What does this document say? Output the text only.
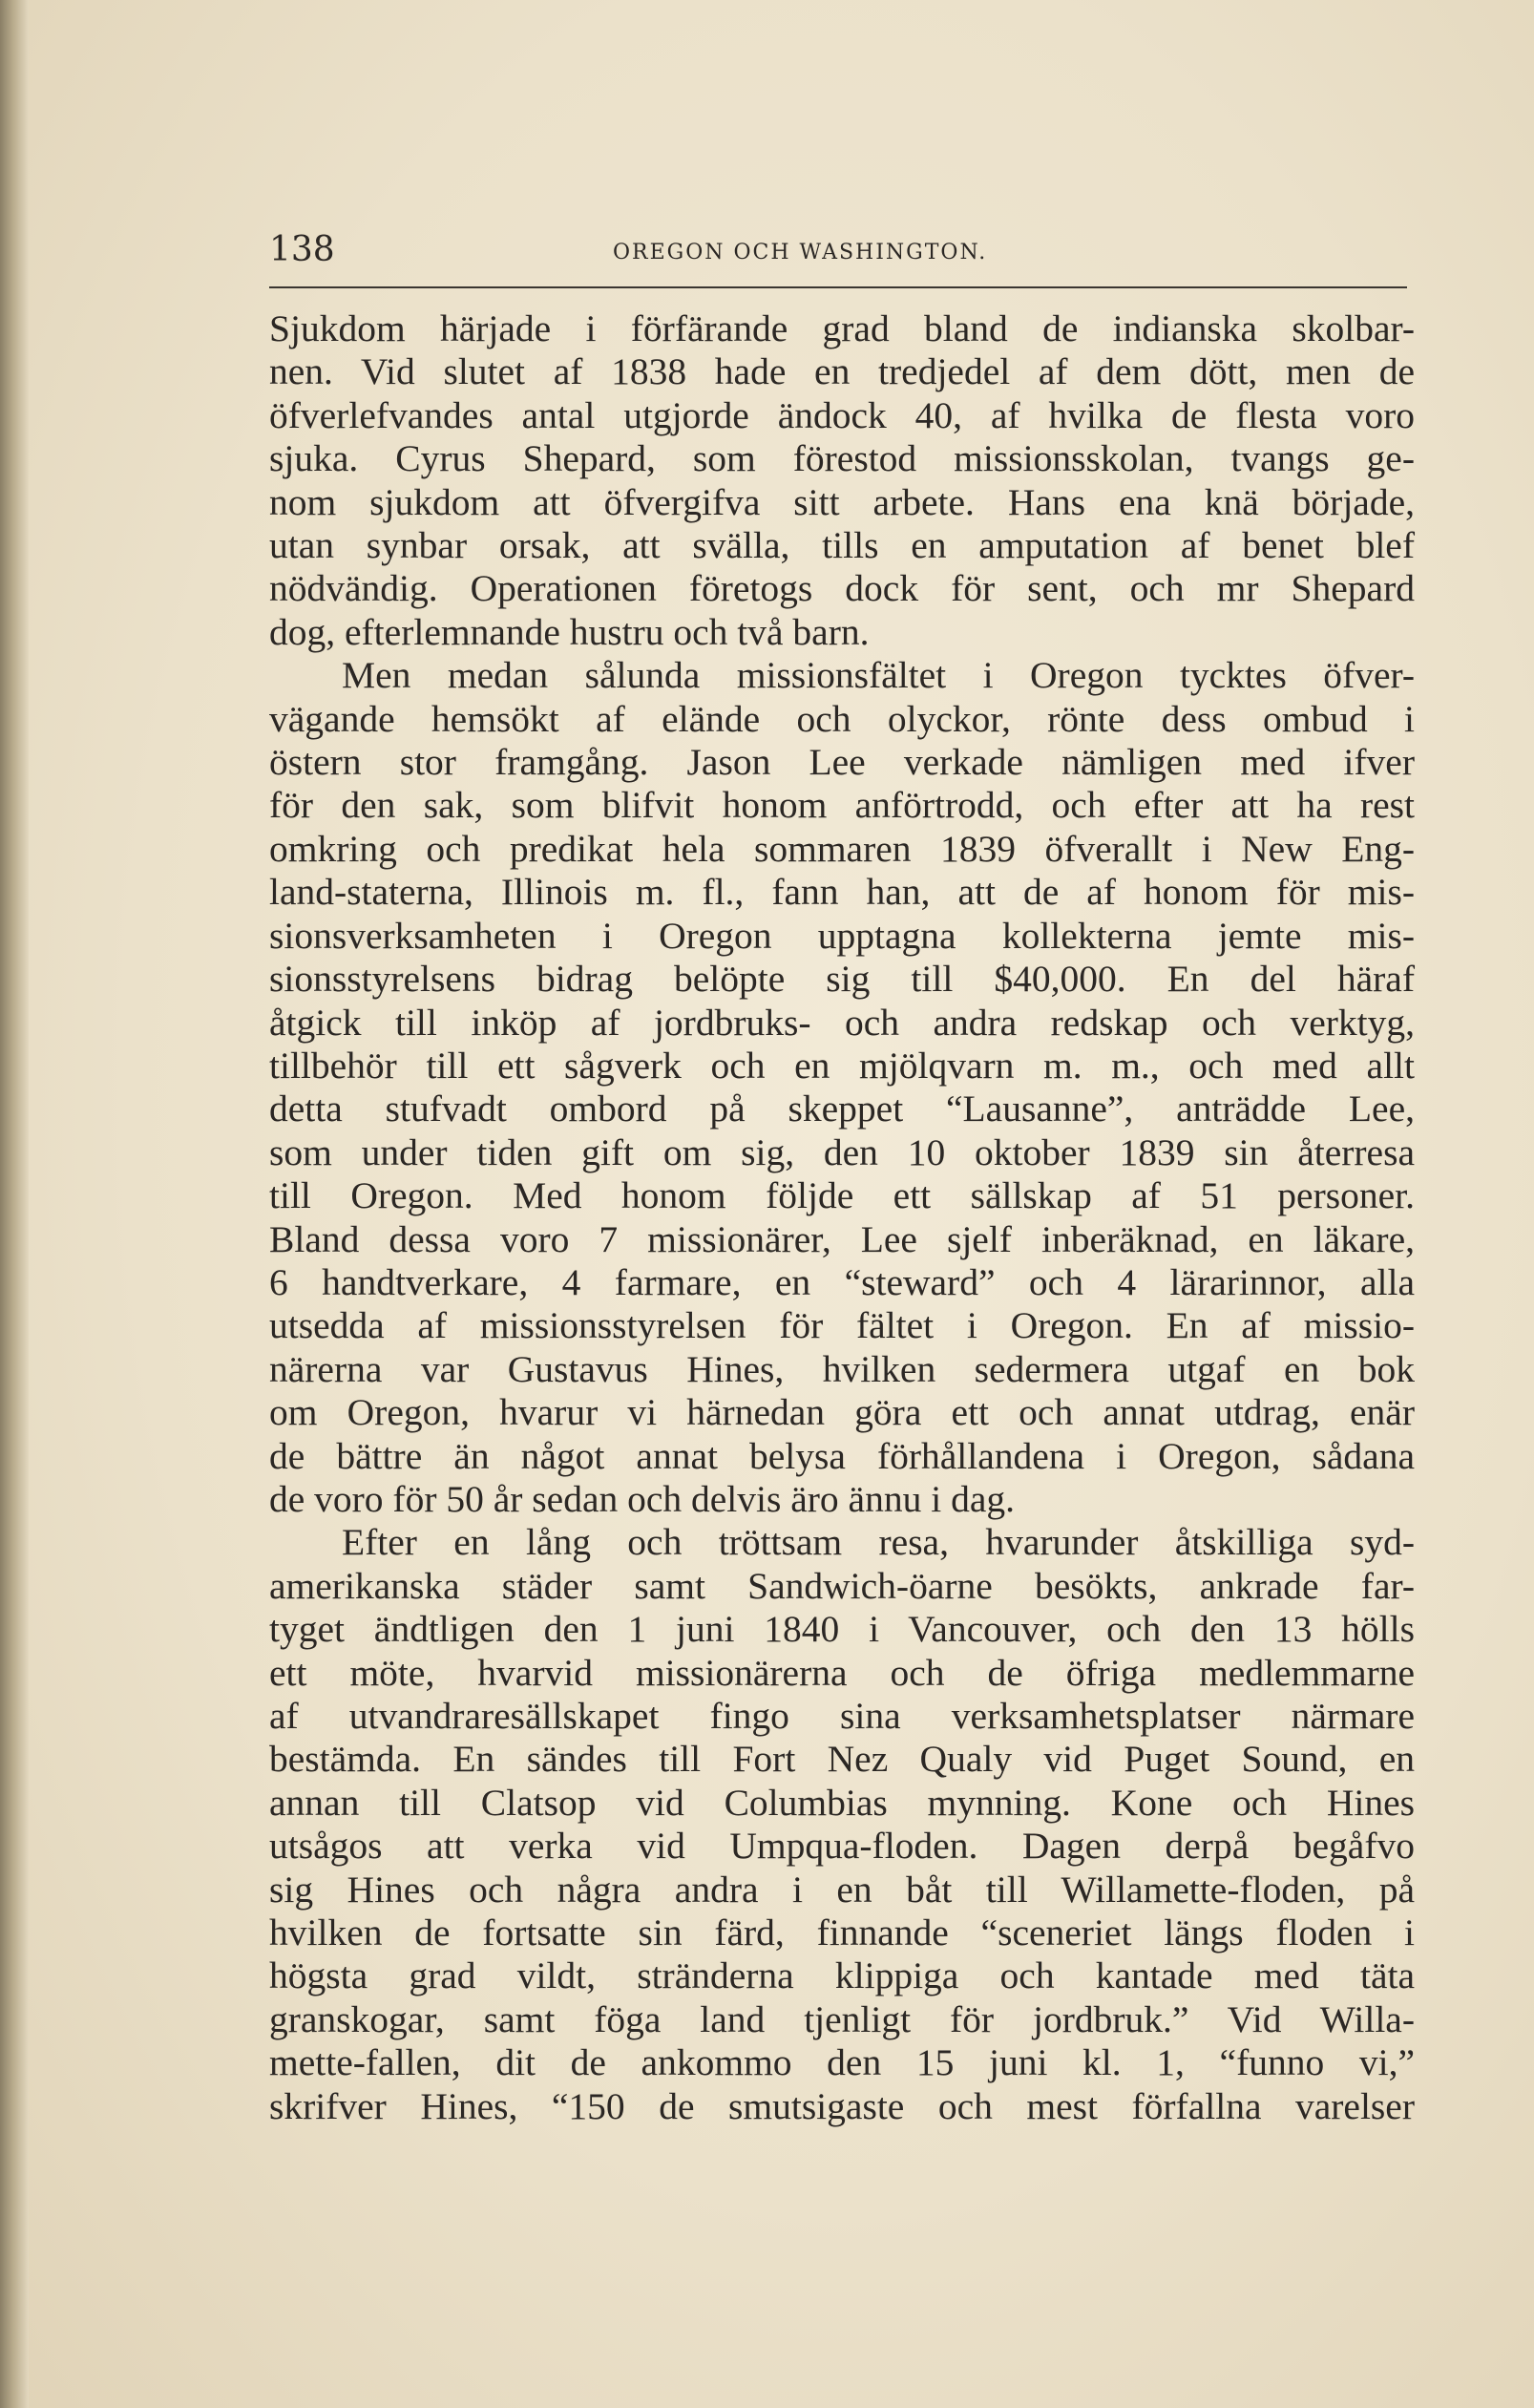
138	OREGON OCH WASHINGTON.

Sjukdom härjade i förfärande grad bland de indianska skolbar-
nen. Vid slutet af 1838 hade en tredjedel af dem dött, men de
öfverlefvandes antal utgjorde ändock 40, af hvilka de flesta voro
sjuka. Cyrus Shepard, som förestod missionsskolan, tvangs ge-
nom sjukdom att öfvergifva sitt arbete. Hans ena knä började,
utan synbar orsak, att svälla, tills en amputation af benet blef
nödvändig. Operationen företogs dock för sent, och mr Shepard
dog, efterlemnande hustru och två barn.

Men medan sålunda missionsfältet i Oregon tycktes öfver-
vägande hemsökt af elände och olyckor, rönte dess ombud i
östern stor framgång. Jason Lee verkade nämligen med ifver
för den sak, som blifvit honom anförtrodd, och efter att ha rest
omkring och predikat hela sommaren 1839 öfverallt i New Eng-
land-staterna, Illinois m. fl., fann han, att de af honom för mis-
sionsverksamheten i Oregon upptagna kollekterna jemte mis-
sionsstyrelsens bidrag belöpte sig till $40,000. En del häraf
åtgick till inköp af jordbruks- och andra redskap och verktyg,
tillbehör till ett sågverk och en mjölqvarn m. m., och med allt
detta stufvadt ombord på skeppet “Lausanne”, anträdde Lee,
som under tiden gift om sig, den 10 oktober 1839 sin återresa
till Oregon. Med honom följde ett sällskap af 51 personer.
Bland dessa voro 7 missionärer, Lee sjelf inberäknad, en läkare,
6 handtverkare, 4 farmare, en “steward” och 4 lärarinnor, alla
utsedda af missionsstyrelsen för fältet i Oregon. En af missio-
närerna var Gustavus Hines, hvilken sedermera utgaf en bok
om Oregon, hvarur vi härnedan göra ett och annat utdrag, enär
de bättre än något annat belysa förhållandena i Oregon, sådana
de voro för 50 år sedan och delvis äro ännu i dag.

Efter en lång och tröttsam resa, hvarunder åtskilliga syd-
amerikanska städer samt Sandwich-öarne besökts, ankrade far-
tyget ändtligen den 1 juni 1840 i Vancouver, och den 13 hölls
ett möte, hvarvid missionärerna och de öfriga medlemmarne
af utvandraresällskapet fingo sina verksamhetsplatser närmare
bestämda. En sändes till Fort Nez Qualy vid Puget Sound, en
annan till Clatsop vid Columbias mynning. Kone och Hines
utsågos att verka vid Umpqua-floden. Dagen derpå begåfvo
sig Hines och några andra i en båt till Willamette-floden, på
hvilken de fortsatte sin färd, finnande “sceneriet längs floden i
högsta grad vildt, stränderna klippiga och kantade med täta
granskogar, samt föga land tjenligt för jordbruk.” Vid Willa-
mette-fallen, dit de ankommo den 15 juni kl. 1, “funno vi,”
skrifver Hines, “150 de smutsigaste och mest förfallna varelser
